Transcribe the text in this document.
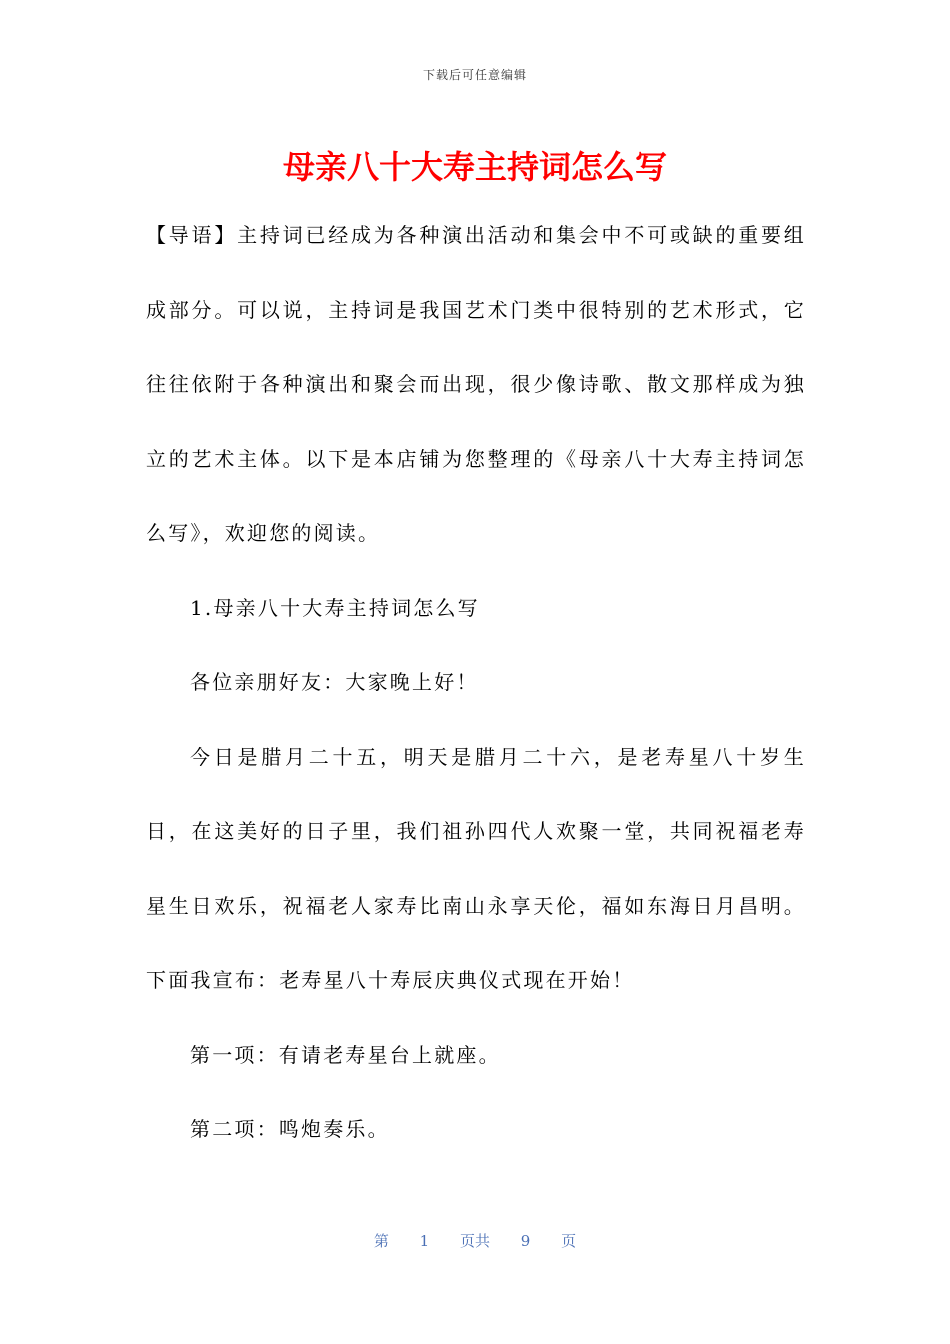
下载后可任意编辑
母亲八十大寿主持词怎么写

【导语】主持词已经成为各种演出活动和集会中不可或缺的重要组成部分。可以说，主持词是我国艺术门类中很特别的艺术形式，它往往依附于各种演出和聚会而出现，很少像诗歌、散文那样成为独立的艺术主体。以下是本店铺为您整理的《母亲八十大寿主持词怎么写》，欢迎您的阅读。

1.母亲八十大寿主持词怎么写

各位亲朋好友：大家晚上好！

今日是腊月二十五，明天是腊月二十六，是老寿星八十岁生日，在这美好的日子里，我们祖孙四代人欢聚一堂，共同祝福老寿星生日欢乐，祝福老人家寿比南山永享天伦，福如东海日月昌明。下面我宣布：老寿星八十寿辰庆典仪式现在开始！

第一项：有请老寿星台上就座。

第二项：鸣炮奏乐。

第 1 页共 9 页
